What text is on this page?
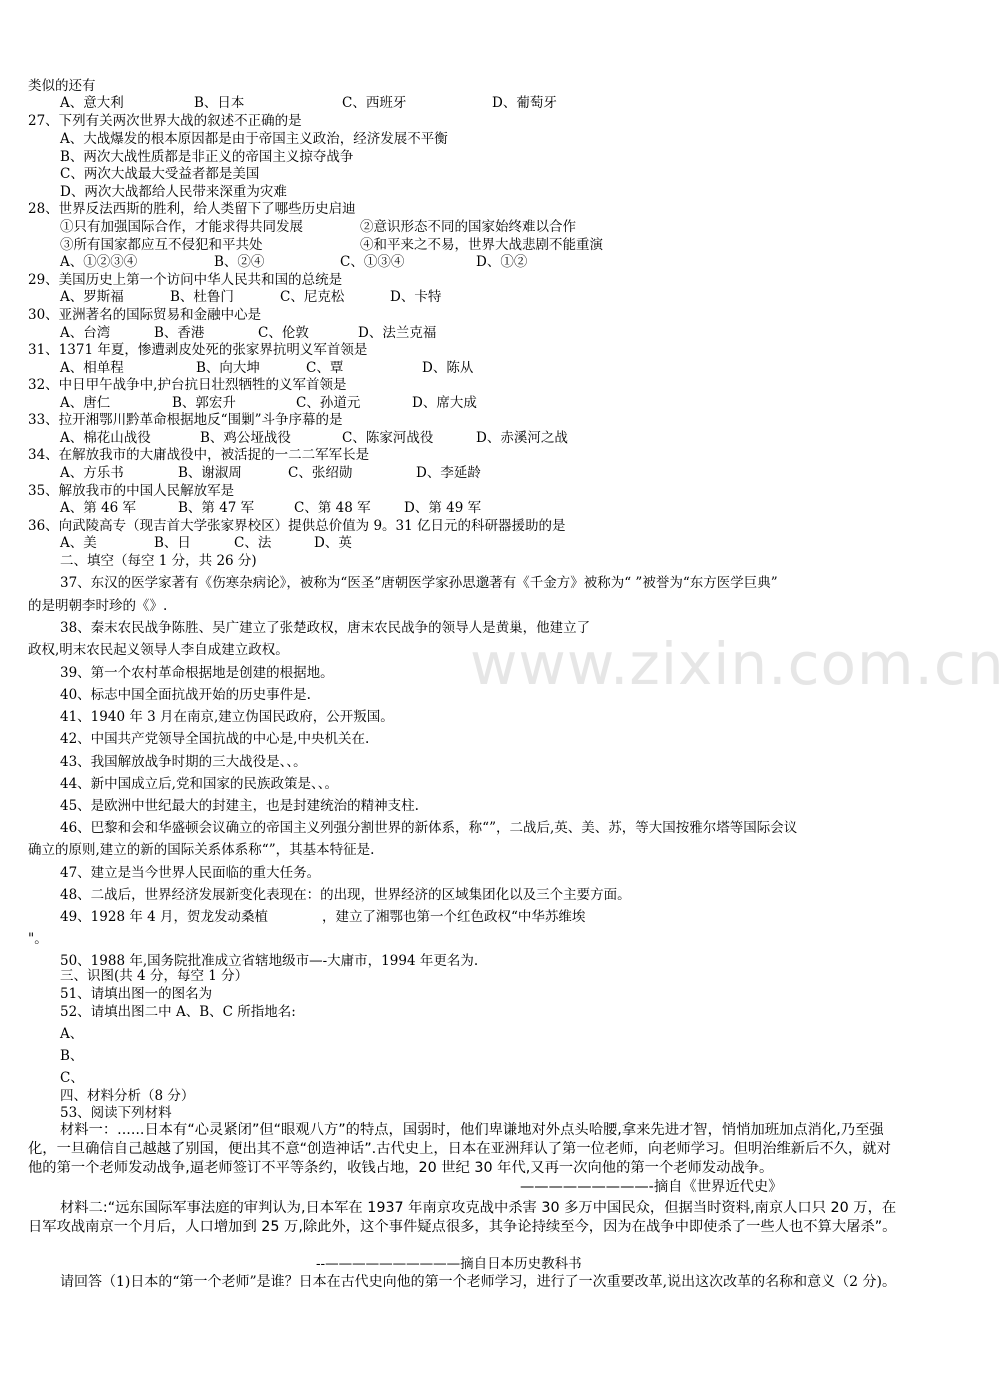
www.zixin.com.cn
类似的还有
A、意大利	B、日本	C、西班牙	D、葡萄牙
27、下列有关两次世界大战的叙述不正确的是
A、大战爆发的根本原因都是由于帝国主义政治，经济发展不平衡
B、两次大战性质都是非正义的帝国主义掠夺战争
C、两次大战最大受益者都是美国
D、两次大战都给人民带来深重为灾难
28、世界反法西斯的胜利，给人类留下了哪些历史启迪
①只有加强国际合作，才能求得共同发展	②意识形态不同的国家始终难以合作
③所有国家都应互不侵犯和平共处	④和平来之不易，世界大战悲剧不能重演
A、①②③④	B、②④	C、①③④	D、①②
29、美国历史上第一个访问中华人民共和国的总统是
A、罗斯福	B、杜鲁门	C、尼克松	D、卡特
30、亚洲著名的国际贸易和金融中心是
A、台湾	B、香港	C、伦敦	D、法兰克福
31、1371 年夏，惨遭剥皮处死的张家界抗明义军首领是
A、相单程	B、向大坤	C、覃	D、陈从
32、中日甲午战争中,护台抗日壮烈牺牲的义军首领是
A、唐仁	B、郭宏升	C、孙道元	D、席大成
33、拉开湘鄂川黔革命根据地反“围剿”斗争序幕的是
A、棉花山战役	B、鸡公垭战役	C、陈家河战役	D、赤溪河之战
34、在解放我市的大庸战役中，被活捉的一二二军军长是
A、方乐书	B、谢淑周	C、张绍勋	D、李延龄
35、解放我市的中国人民解放军是
A、第 46 军	B、第 47 军	C、第 48 军 D、第 49 军
36、向武陵高专（现吉首大学张家界校区）提供总价值为 9。31 亿日元的科研器援助的是
A、美	B、日	C、法	D、英
二、填空（每空 1 分，共 26 分)
37、东汉的医学家著有《伤寒杂病论》，被称为“医圣”唐朝医学家孙思邈著有《千金方》被称为“ ”被誉为“东方医学巨典”
的是明朝李时珍的《》.
38、秦末农民战争陈胜、吴广建立了张楚政权，唐末农民战争的领导人是黄巢，他建立了
政权,明末农民起义领导人李自成建立政权。
39、第一个农村革命根据地是创建的根据地。
40、标志中国全面抗战开始的历史事件是.
41、1940 年 3 月在南京,建立伪国民政府，公开叛国。
42、中国共产党领导全国抗战的中心是,中央机关在.
43、我国解放战争时期的三大战役是、、。
44、新中国成立后,党和国家的民族政策是、、。
45、是欧洲中世纪最大的封建主，也是封建统治的精神支柱.
46、巴黎和会和华盛顿会议确立的帝国主义列强分割世界的新体系，称“”，二战后,英、美、苏，等大国按雅尔塔等国际会议
确立的原则,建立的新的国际关系体系称“”，其基本特征是.
47、建立是当今世界人民面临的重大任务。
48、二战后，世界经济发展新变化表现在：的出现，世界经济的区域集团化以及三个主要方面。
49、1928 年 4 月，贺龙发动桑植	，建立了湘鄂也第一个红色政权“中华苏维埃
"。
50、1988 年,国务院批准成立省辖地级市—-大庸市，1994 年更名为.
三、识图(共 4 分，每空 1 分）
51、请填出图一的图名为
52、请填出图二中 A、B、C 所指地名:
A、
B、
C、
四、材料分析（8 分）
53、阅读下列材料
材料一：......日本有“心灵紧闭”但“眼观八方”的特点，国弱时，他们卑谦地对外点头哈腰,拿来先进才智，悄悄加班加点消化,乃至强化，一旦确信自己越越了别国，便出其不意“创造神话”.古代史上，日本在亚洲拜认了第一位老师，向老师学习。但明治维新后不久，就对他的第一个老师发动战争,逼老师签订不平等条约，收钱占地，20 世纪 30 年代,又再一次向他的第一个老师发动战争。
—————————-摘自《世界近代史》
材料二:“远东国际军事法庭的审判认为,日本军在 1937 年南京攻克战中杀害 30 多万中国民众，但据当时资料,南京人口只 20 万，在日军攻战南京一个月后，人口增加到 25 万,除此外，这个事件疑点很多，其争论持续至今，因为在战争中即使杀了一些人也不算大屠杀”。
--——————————摘自日本历史教科书
请回答（1)日本的“第一个老师”是谁？日本在古代史向他的第一个老师学习，进行了一次重要改革,说出这次改革的名称和意义（2 分)。
